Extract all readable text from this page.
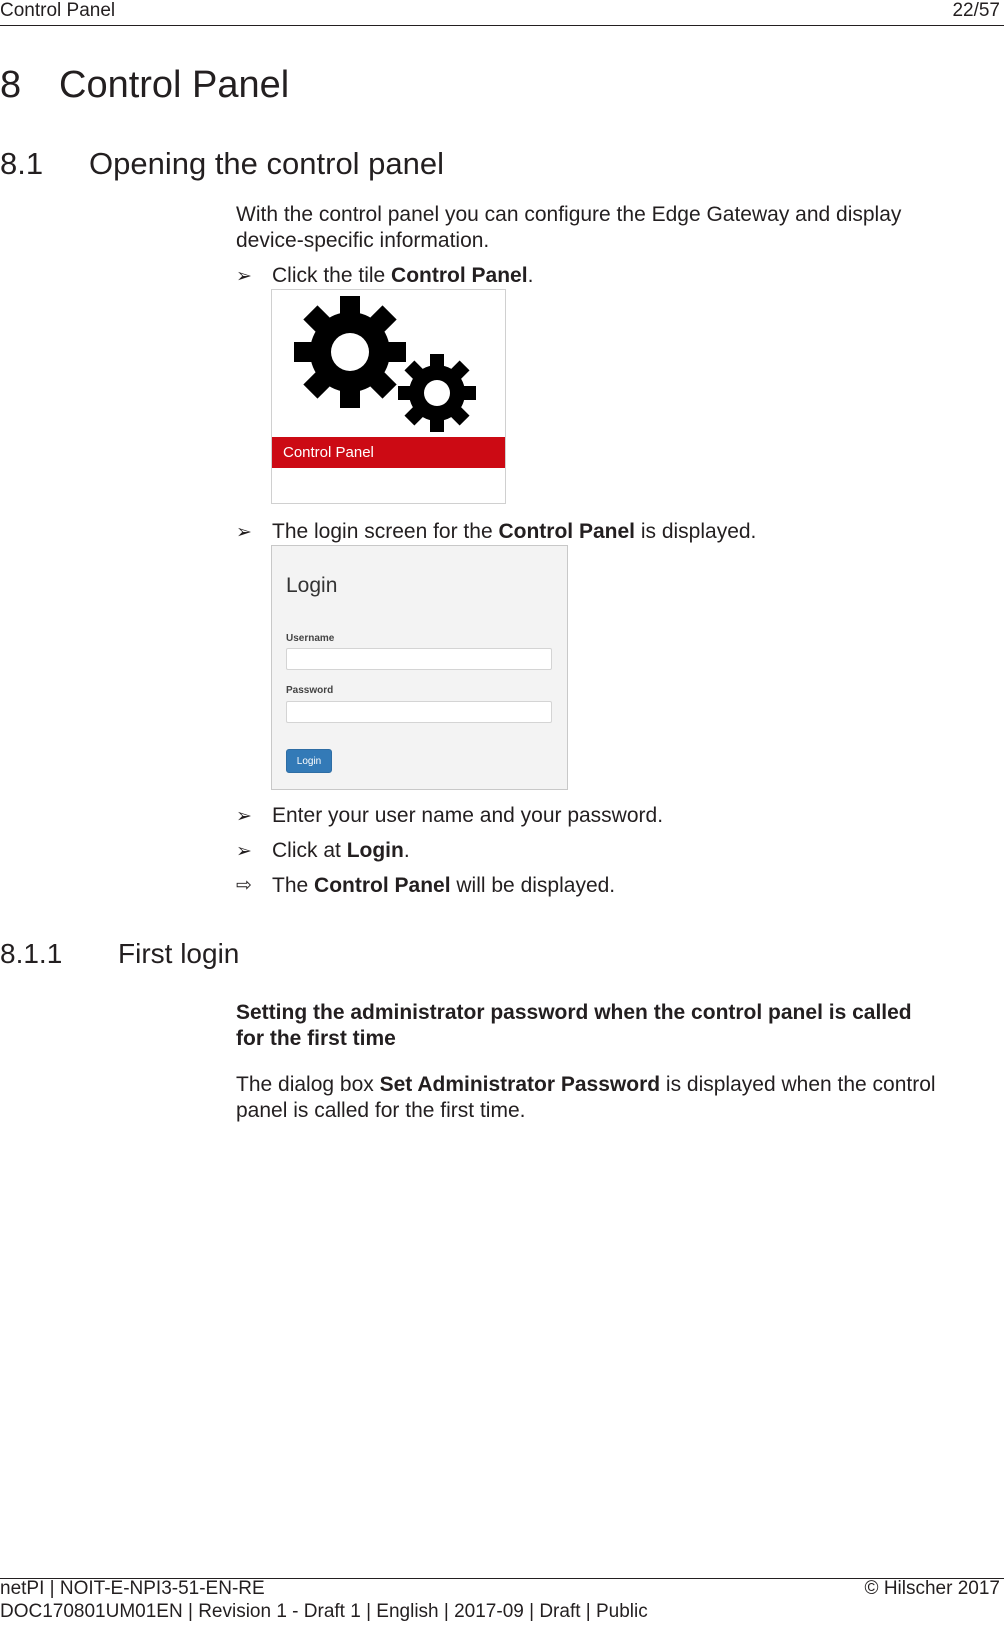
Control Panel	22/57
8 Control Panel
8.1 Opening the control panel
With the control panel you can configure the Edge Gateway and display
device-specific information.
➢ Click the tile Control Panel.
Control Panel
➢ The login screen for the Control Panel is displayed.
Login
Username
Password
Login
➢ Enter your user name and your password.
➢ Click at Login.
⇨ The Control Panel will be displayed.
8.1.1 First login
Setting the administrator password when the control panel is called
for the first time
The dialog box Set Administrator Password is displayed when the control
panel is called for the first time.
netPI | NOIT-E-NPI3-51-EN-RE	© Hilscher 2017
DOC170801UM01EN | Revision 1 - Draft 1 | English | 2017-09 | Draft | Public
